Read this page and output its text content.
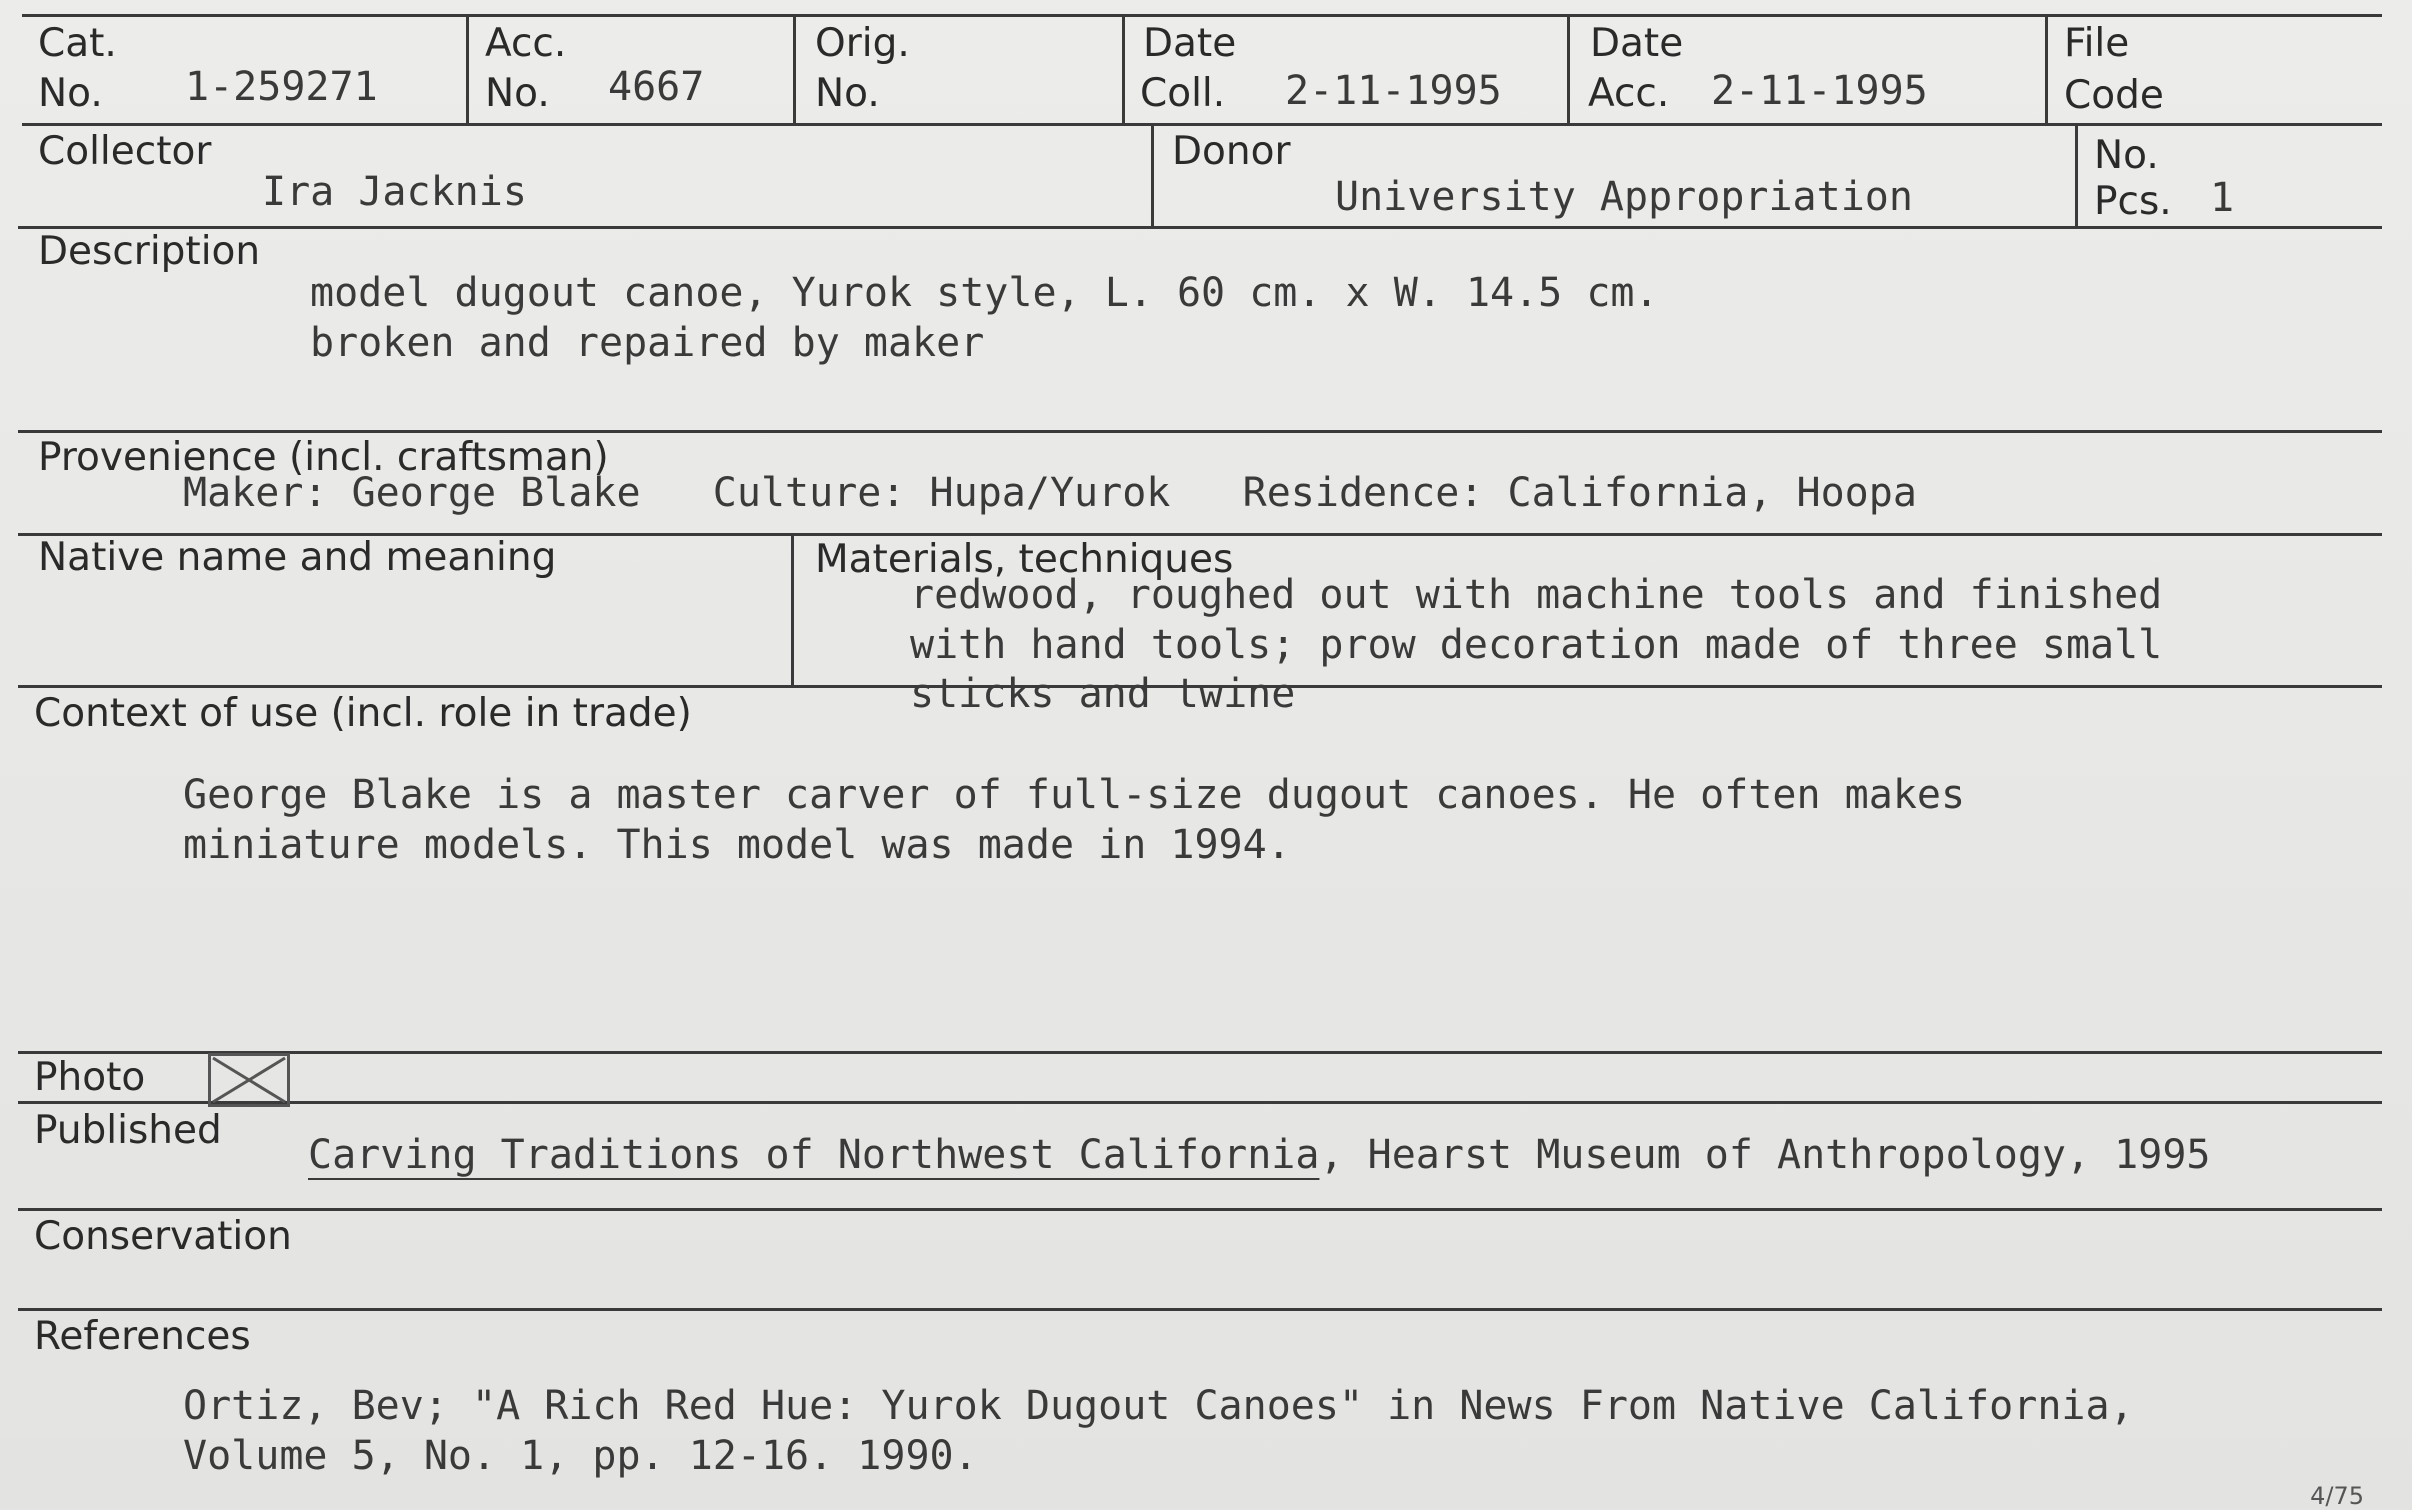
Cat.
No. 1-259271
Acc.
No. 4667
Orig.
No.
Date
Coll. 2-11-1995
Date
Acc. 2-11-1995
File
Code
Collector
Ira Jacknis
Donor
University Appropriation
No.
Pcs. 1
Description
model dugout canoe, Yurok style, L. 60 cm. x W. 14.5 cm.
broken and repaired by maker
Provenience (incl. craftsman)
Maker: George Blake   Culture: Hupa/Yurok   Residence: California, Hoopa
Native name and meaning	Materials, techniques
redwood, roughed out with machine tools and finished
with hand tools; prow decoration made of three small
sticks and twine
Context of use (incl. role in trade)
George Blake is a master carver of full-size dugout canoes. He often makes
miniature models. This model was made in 1994.
Photo
Published
Carving Traditions of Northwest California, Hearst Museum of Anthropology, 1995
Conservation
References
Ortiz, Bev; "A Rich Red Hue: Yurok Dugout Canoes" in News From Native California,
Volume 5, No. 1, pp. 12-16. 1990.
4/75
